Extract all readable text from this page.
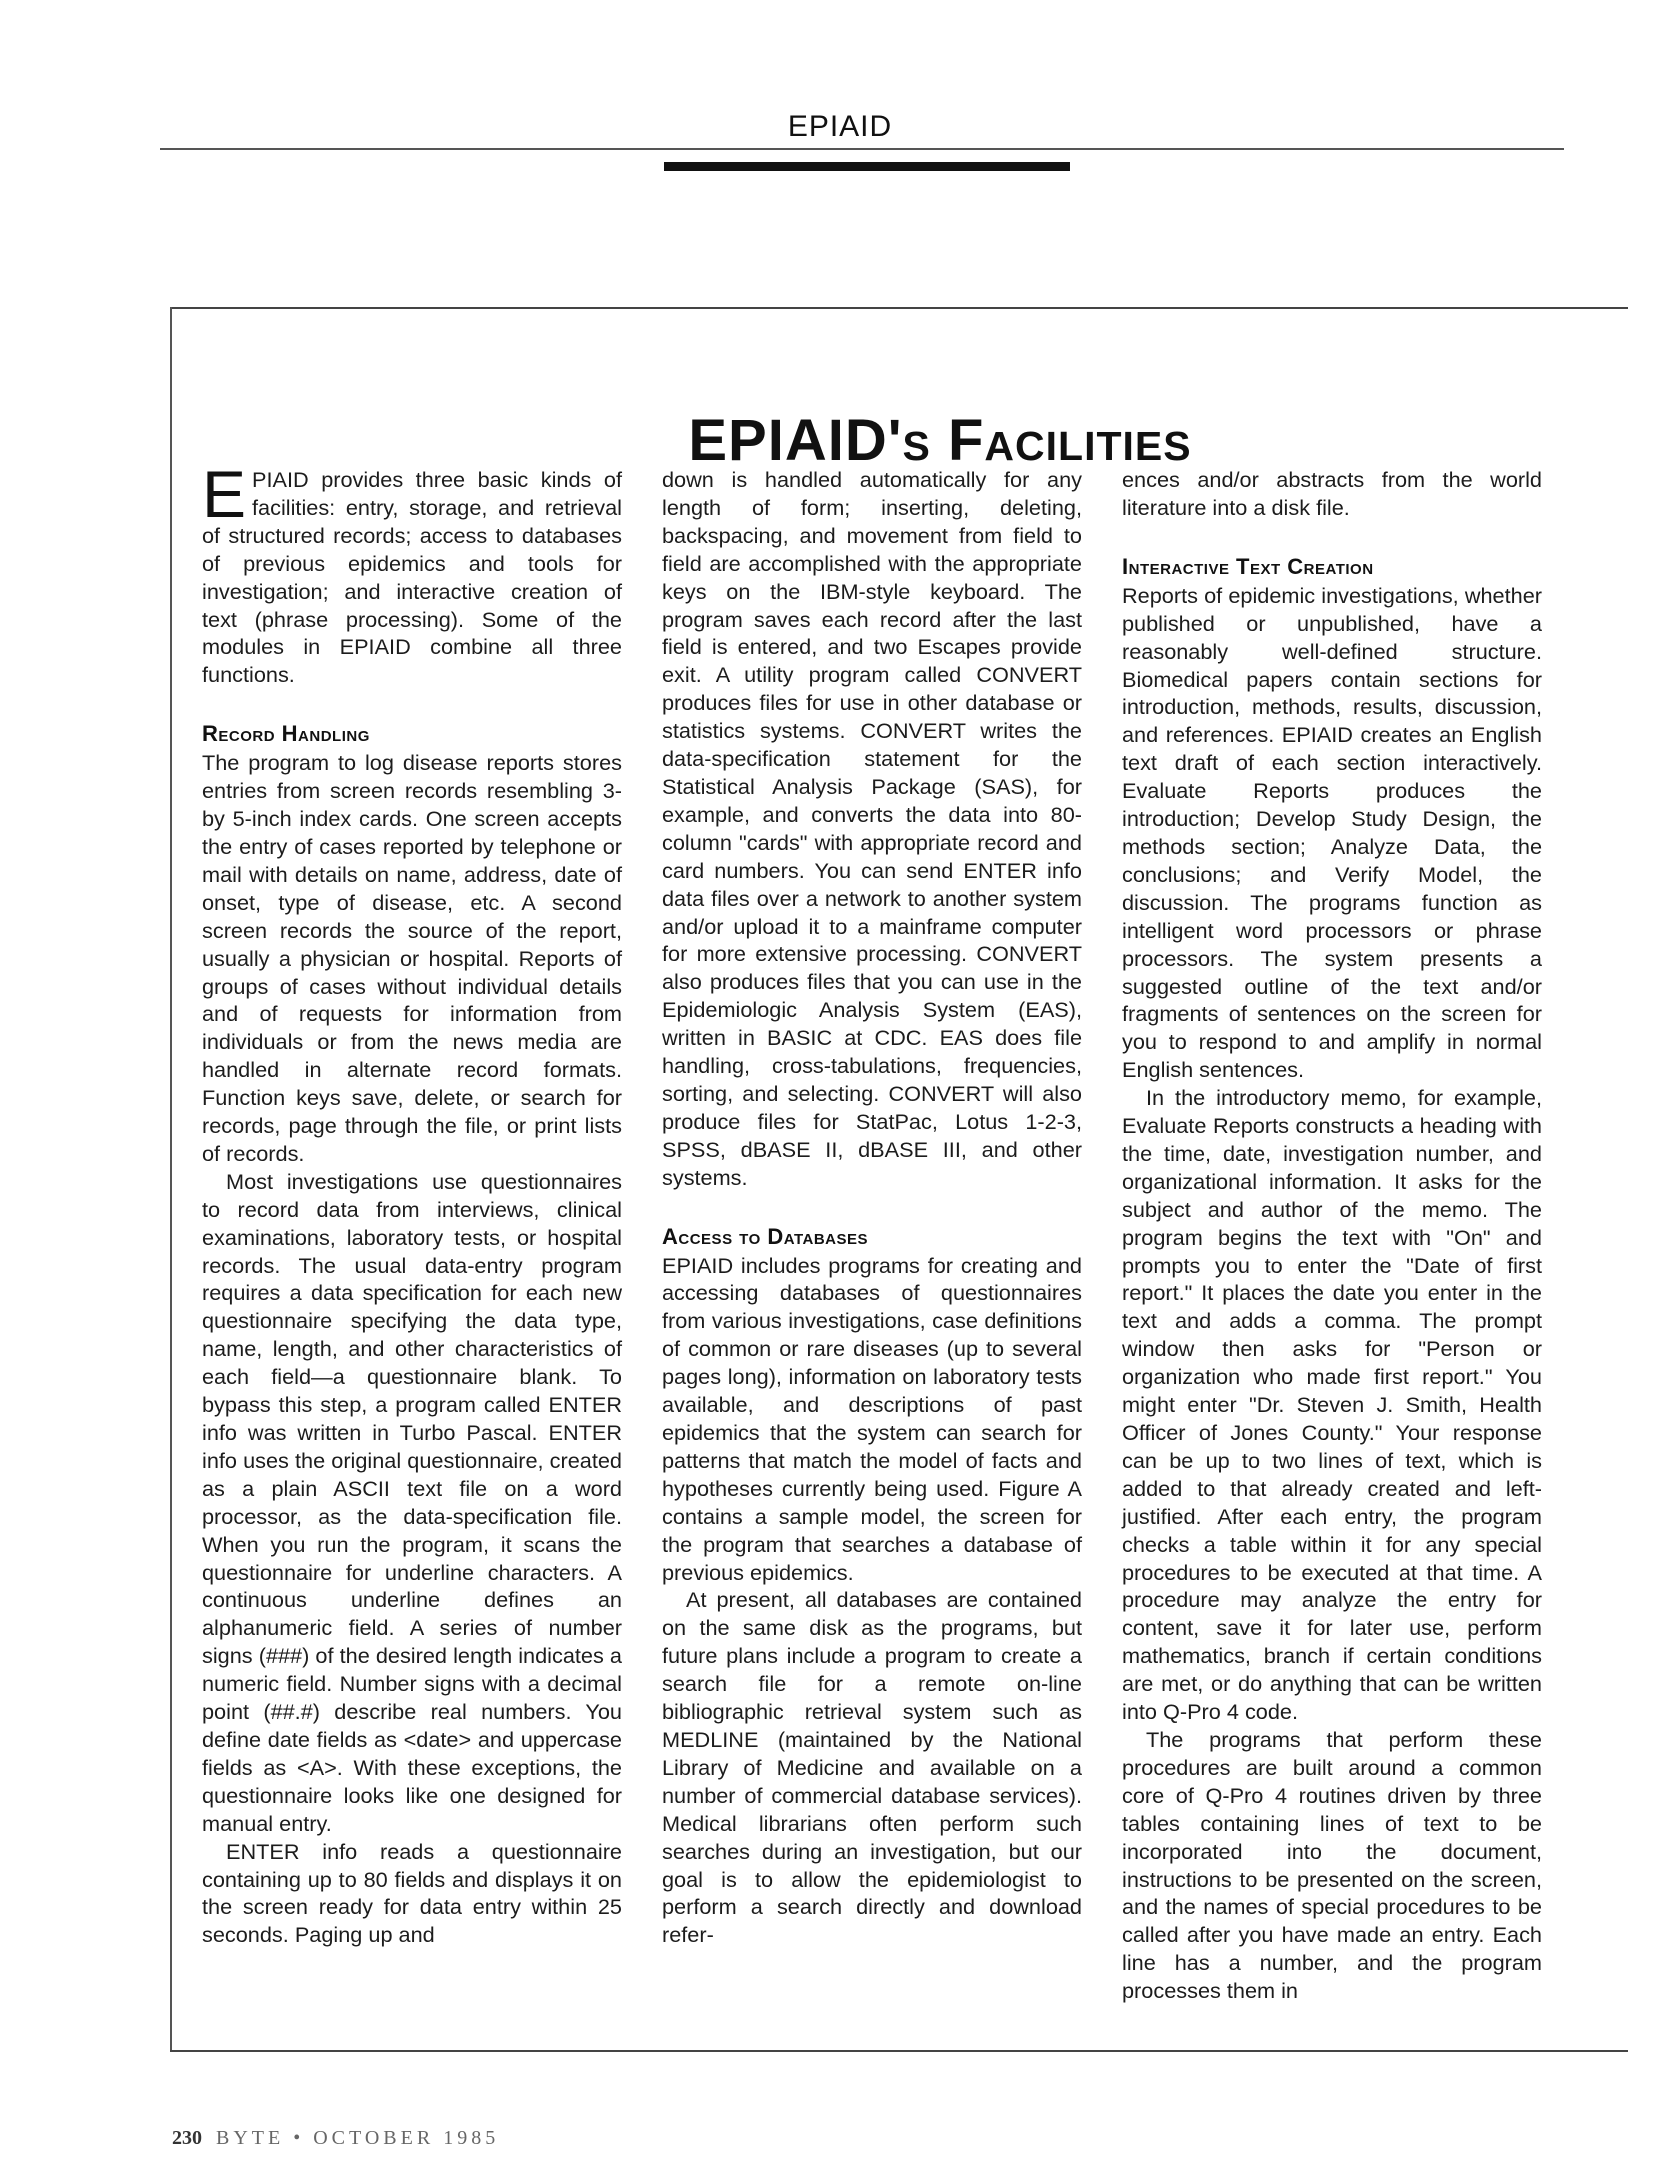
EPIAID
EPIAID's Facilities

EPIAID provides three basic kinds of facilities: entry, storage, and retrieval of structured records; access to databases of previous epidemics and tools for investigation; and interactive creation of text (phrase processing). Some of the modules in EPIAID combine all three functions.

Record Handling

The program to log disease reports stores entries from screen records resembling 3- by 5-inch index cards. One screen accepts the entry of cases reported by telephone or mail with details on name, address, date of onset, type of disease, etc. A second screen records the source of the report, usually a physician or hospital. Reports of groups of cases without individual details and of requests for information from individuals or from the news media are handled in alternate record formats. Function keys save, delete, or search for records, page through the file, or print lists of records.

Most investigations use questionnaires to record data from interviews, clinical examinations, laboratory tests, or hospital records. The usual data-entry program requires a data specification for each new questionnaire specifying the data type, name, length, and other characteristics of each field—a questionnaire blank. To bypass this step, a program called ENTER info was written in Turbo Pascal. ENTER info uses the original questionnaire, created as a plain ASCII text file on a word processor, as the data-specification file. When you run the program, it scans the questionnaire for underline characters. A continuous underline defines an alphanumeric field. A series of number signs (###) of the desired length indicates a numeric field. Number signs with a decimal point (##.#) describe real numbers. You define date fields as <date> and uppercase fields as <A>. With these exceptions, the questionnaire looks like one designed for manual entry.

ENTER info reads a questionnaire containing up to 80 fields and displays it on the screen ready for data entry within 25 seconds. Paging up and

down is handled automatically for any length of form; inserting, deleting, backspacing, and movement from field to field are accomplished with the appropriate keys on the IBM-style keyboard. The program saves each record after the last field is entered, and two Escapes provide exit. A utility program called CONVERT produces files for use in other database or statistics systems. CONVERT writes the data-specification statement for the Statistical Analysis Package (SAS), for example, and converts the data into 80-column "cards" with appropriate record and card numbers. You can send ENTER info data files over a network to another system and/or upload it to a mainframe computer for more extensive processing. CONVERT also produces files that you can use in the Epidemiologic Analysis System (EAS), written in BASIC at CDC. EAS does file handling, cross-tabulations, frequencies, sorting, and selecting. CONVERT will also produce files for StatPac, Lotus 1-2-3, SPSS, dBASE II, dBASE III, and other systems.

Access to Databases

EPIAID includes programs for creating and accessing databases of questionnaires from various investigations, case definitions of common or rare diseases (up to several pages long), information on laboratory tests available, and descriptions of past epidemics that the system can search for patterns that match the model of facts and hypotheses currently being used. Figure A contains a sample model, the screen for the program that searches a database of previous epidemics.

At present, all databases are contained on the same disk as the programs, but future plans include a program to create a search file for a remote on-line bibliographic retrieval system such as MEDLINE (maintained by the National Library of Medicine and available on a number of commercial database services). Medical librarians often perform such searches during an investigation, but our goal is to allow the epidemiologist to perform a search directly and download refer-

ences and/or abstracts from the world literature into a disk file.

Interactive Text Creation

Reports of epidemic investigations, whether published or unpublished, have a reasonably well-defined structure. Biomedical papers contain sections for introduction, methods, results, discussion, and references. EPIAID creates an English text draft of each section interactively. Evaluate Reports produces the introduction; Develop Study Design, the methods section; Analyze Data, the conclusions; and Verify Model, the discussion. The programs function as intelligent word processors or phrase processors. The system presents a suggested outline of the text and/or fragments of sentences on the screen for you to respond to and amplify in normal English sentences.

In the introductory memo, for example, Evaluate Reports constructs a heading with the time, date, investigation number, and organizational information. It asks for the subject and author of the memo. The program begins the text with "On" and prompts you to enter the "Date of first report." It places the date you enter in the text and adds a comma. The prompt window then asks for "Person or organization who made first report." You might enter "Dr. Steven J. Smith, Health Officer of Jones County." Your response can be up to two lines of text, which is added to that already created and left-justified. After each entry, the program checks a table within it for any special procedures to be executed at that time. A procedure may analyze the entry for content, save it for later use, perform mathematics, branch if certain conditions are met, or do anything that can be written into Q-Pro 4 code.

The programs that perform these procedures are built around a common core of Q-Pro 4 routines driven by three tables containing lines of text to be incorporated into the document, instructions to be presented on the screen, and the names of special procedures to be called after you have made an entry. Each line has a number, and the program processes them in

230 BYTE • OCTOBER 1985
